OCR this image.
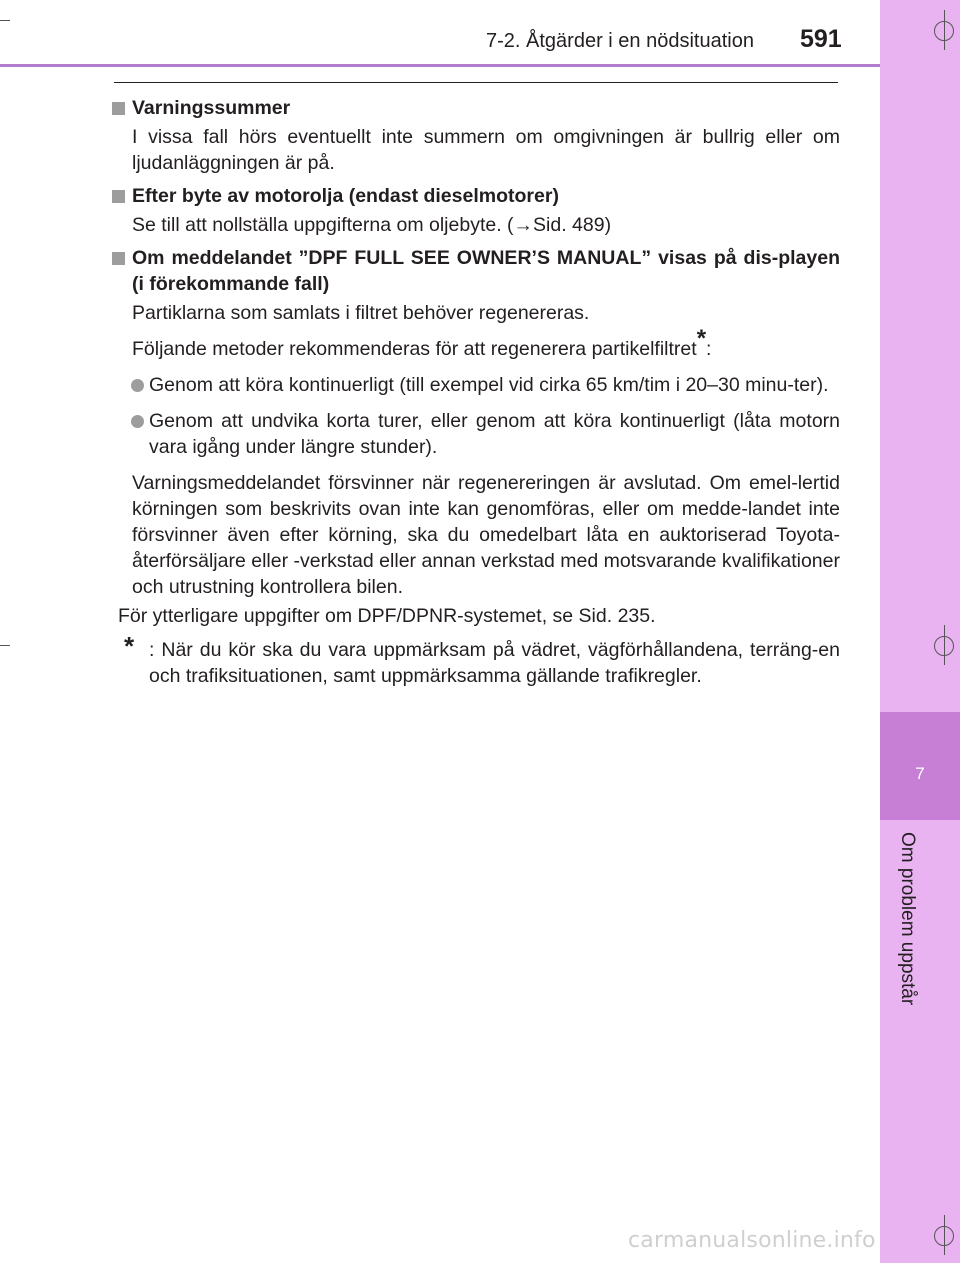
7
Om problem uppstår
7-2. Åtgärder i en nödsituation 591
Varningssummer
I vissa fall hörs eventuellt inte summern om omgivningen är bullrig eller om ljudanläggningen är på.
Efter byte av motorolja (endast dieselmotorer)
Se till att nollställa uppgifterna om oljebyte. (→Sid. 489)
Om meddelandet ”DPF FULL SEE OWNER’S MANUAL” visas på dis-playen (i förekommande fall)
Partiklarna som samlats i filtret behöver regenereras.
Följande metoder rekommenderas för att regenerera partikelfiltret*:
Genom att köra kontinuerligt (till exempel vid cirka 65 km/tim i 20–30 minu-ter).
Genom att undvika korta turer, eller genom att köra kontinuerligt (låta motorn vara igång under längre stunder).
Varningsmeddelandet försvinner när regenereringen är avslutad. Om emel-lertid körningen som beskrivits ovan inte kan genomföras, eller om medde-landet inte försvinner även efter körning, ska du omedelbart låta en auktoriserad Toyota-återförsäljare eller -verkstad eller annan verkstad med motsvarande kvalifikationer och utrustning kontrollera bilen.
För ytterligare uppgifter om DPF/DPNR-systemet, se Sid. 235.
* : När du kör ska du vara uppmärksam på vädret, vägförhållandena, terräng-en och trafiksituationen, samt uppmärksamma gällande trafikregler.
carmanualsonline.info
